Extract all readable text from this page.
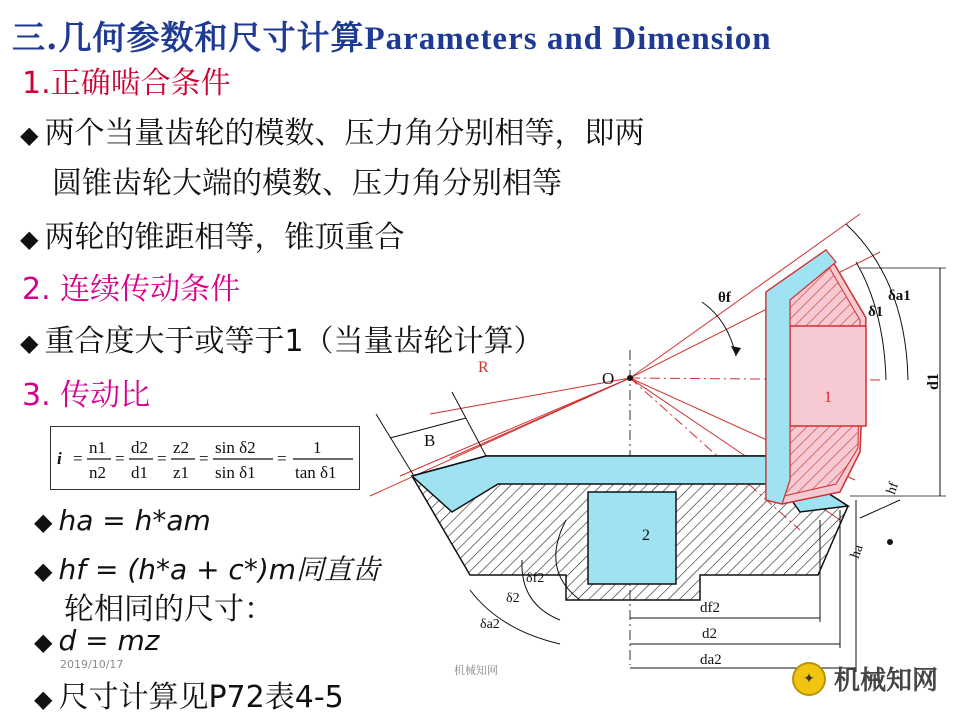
三.几何参数和尺寸计算Parameters and Dimension
1.正确啮合条件
◆ 两个当量齿轮的模数、压力角分别相等，即两
圆锥齿轮大端的模数、压力角分别相等
◆ 两轮的锥距相等，锥顶重合
2. 连续传动条件
◆ 重合度大于或等于1（当量齿轮计算）
3. 传动比
i =
n1
n2
=
d2
d1
=
z2
z1
=
sin δ2
sin δ1
=
1
tan δ1
◆ ha = h*am
◆ hf = (h*a + c*)m同直齿
轮相同的尺寸：
◆ d = mz
◆ 尺寸计算见P72表4-5
2019/10/17	机械知网
2
1
O
R
B
θf	δa1
δ1
d1
hf
ha
δf2
δ2
δa2
df2
d2
da2
✦ 机械知网
